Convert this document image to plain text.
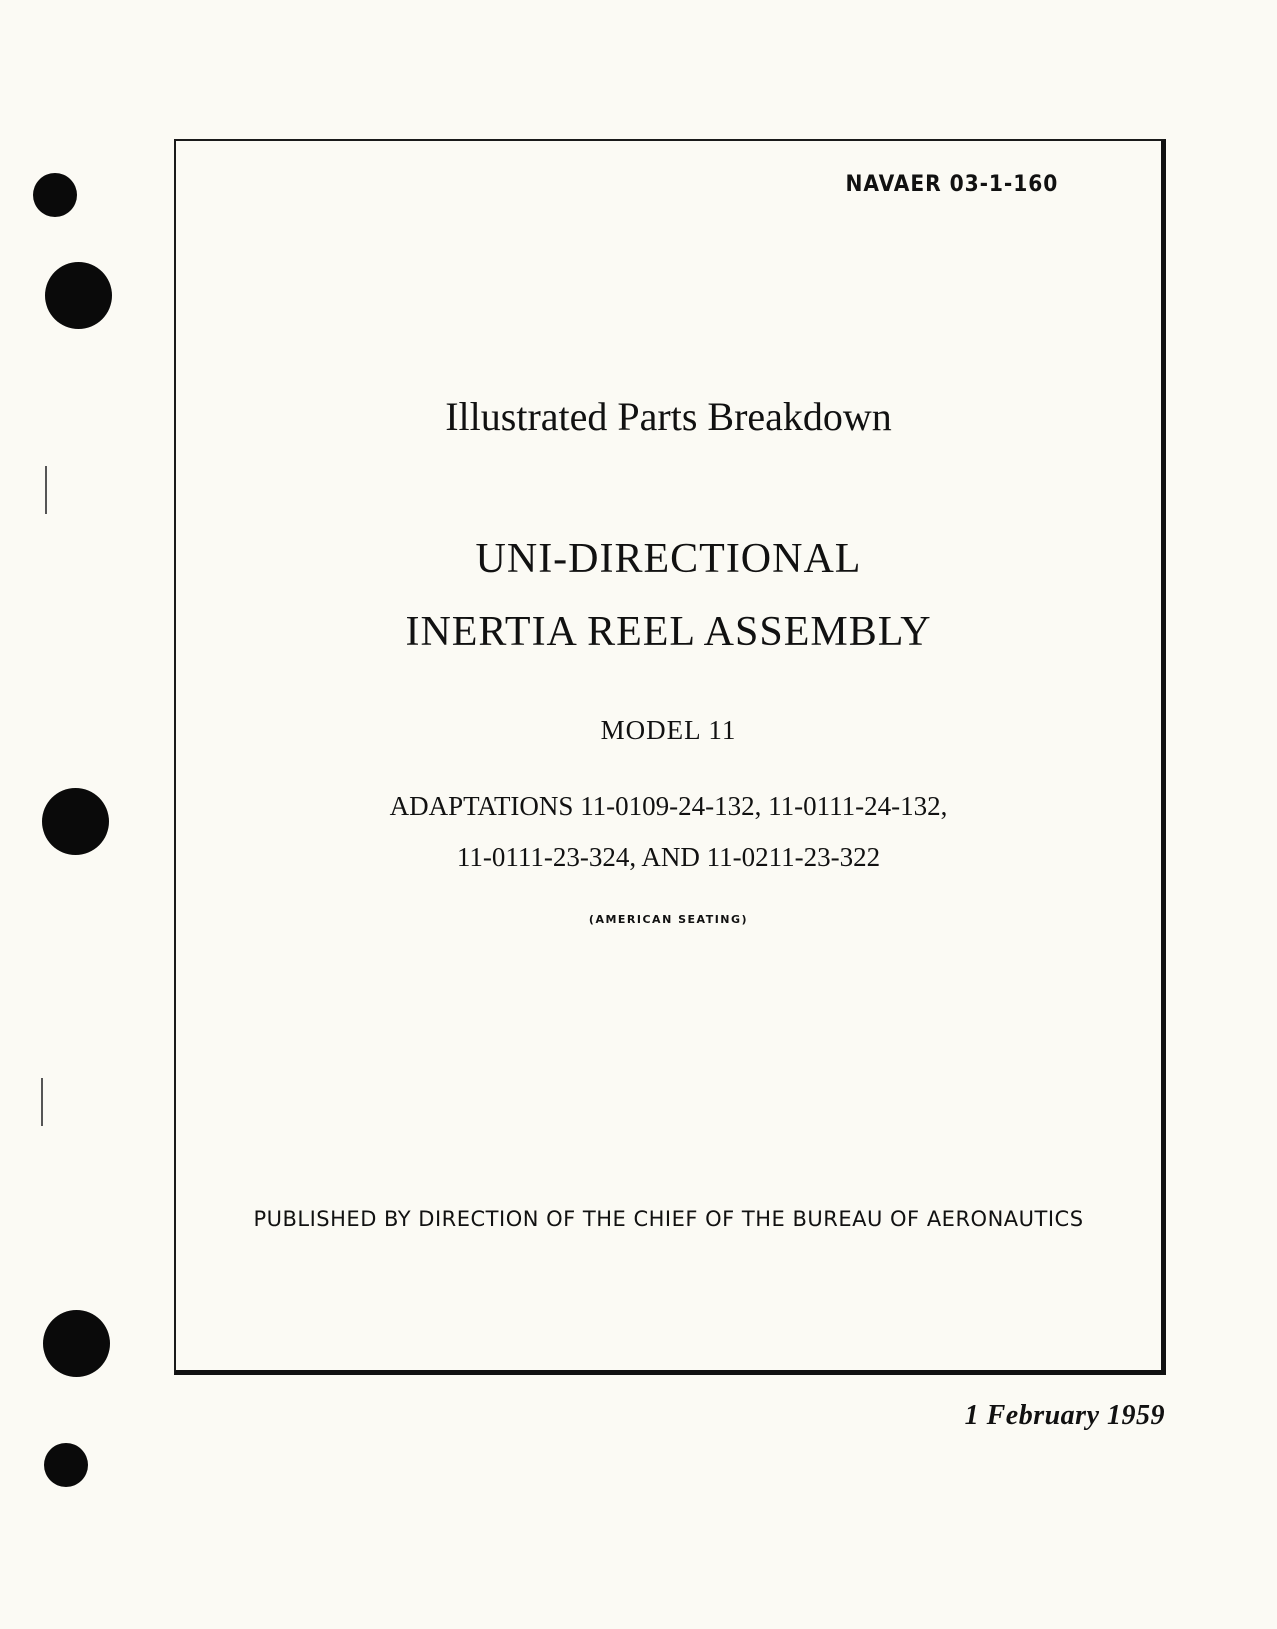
NAVAER 03-1-160
Illustrated Parts Breakdown
UNI-DIRECTIONAL
INERTIA REEL ASSEMBLY
MODEL 11
ADAPTATIONS 11-0109-24-132, 11-0111-24-132,
11-0111-23-324, AND 11-0211-23-322
(AMERICAN SEATING)
PUBLISHED BY DIRECTION OF THE CHIEF OF THE BUREAU OF AERONAUTICS
1 February 1959
